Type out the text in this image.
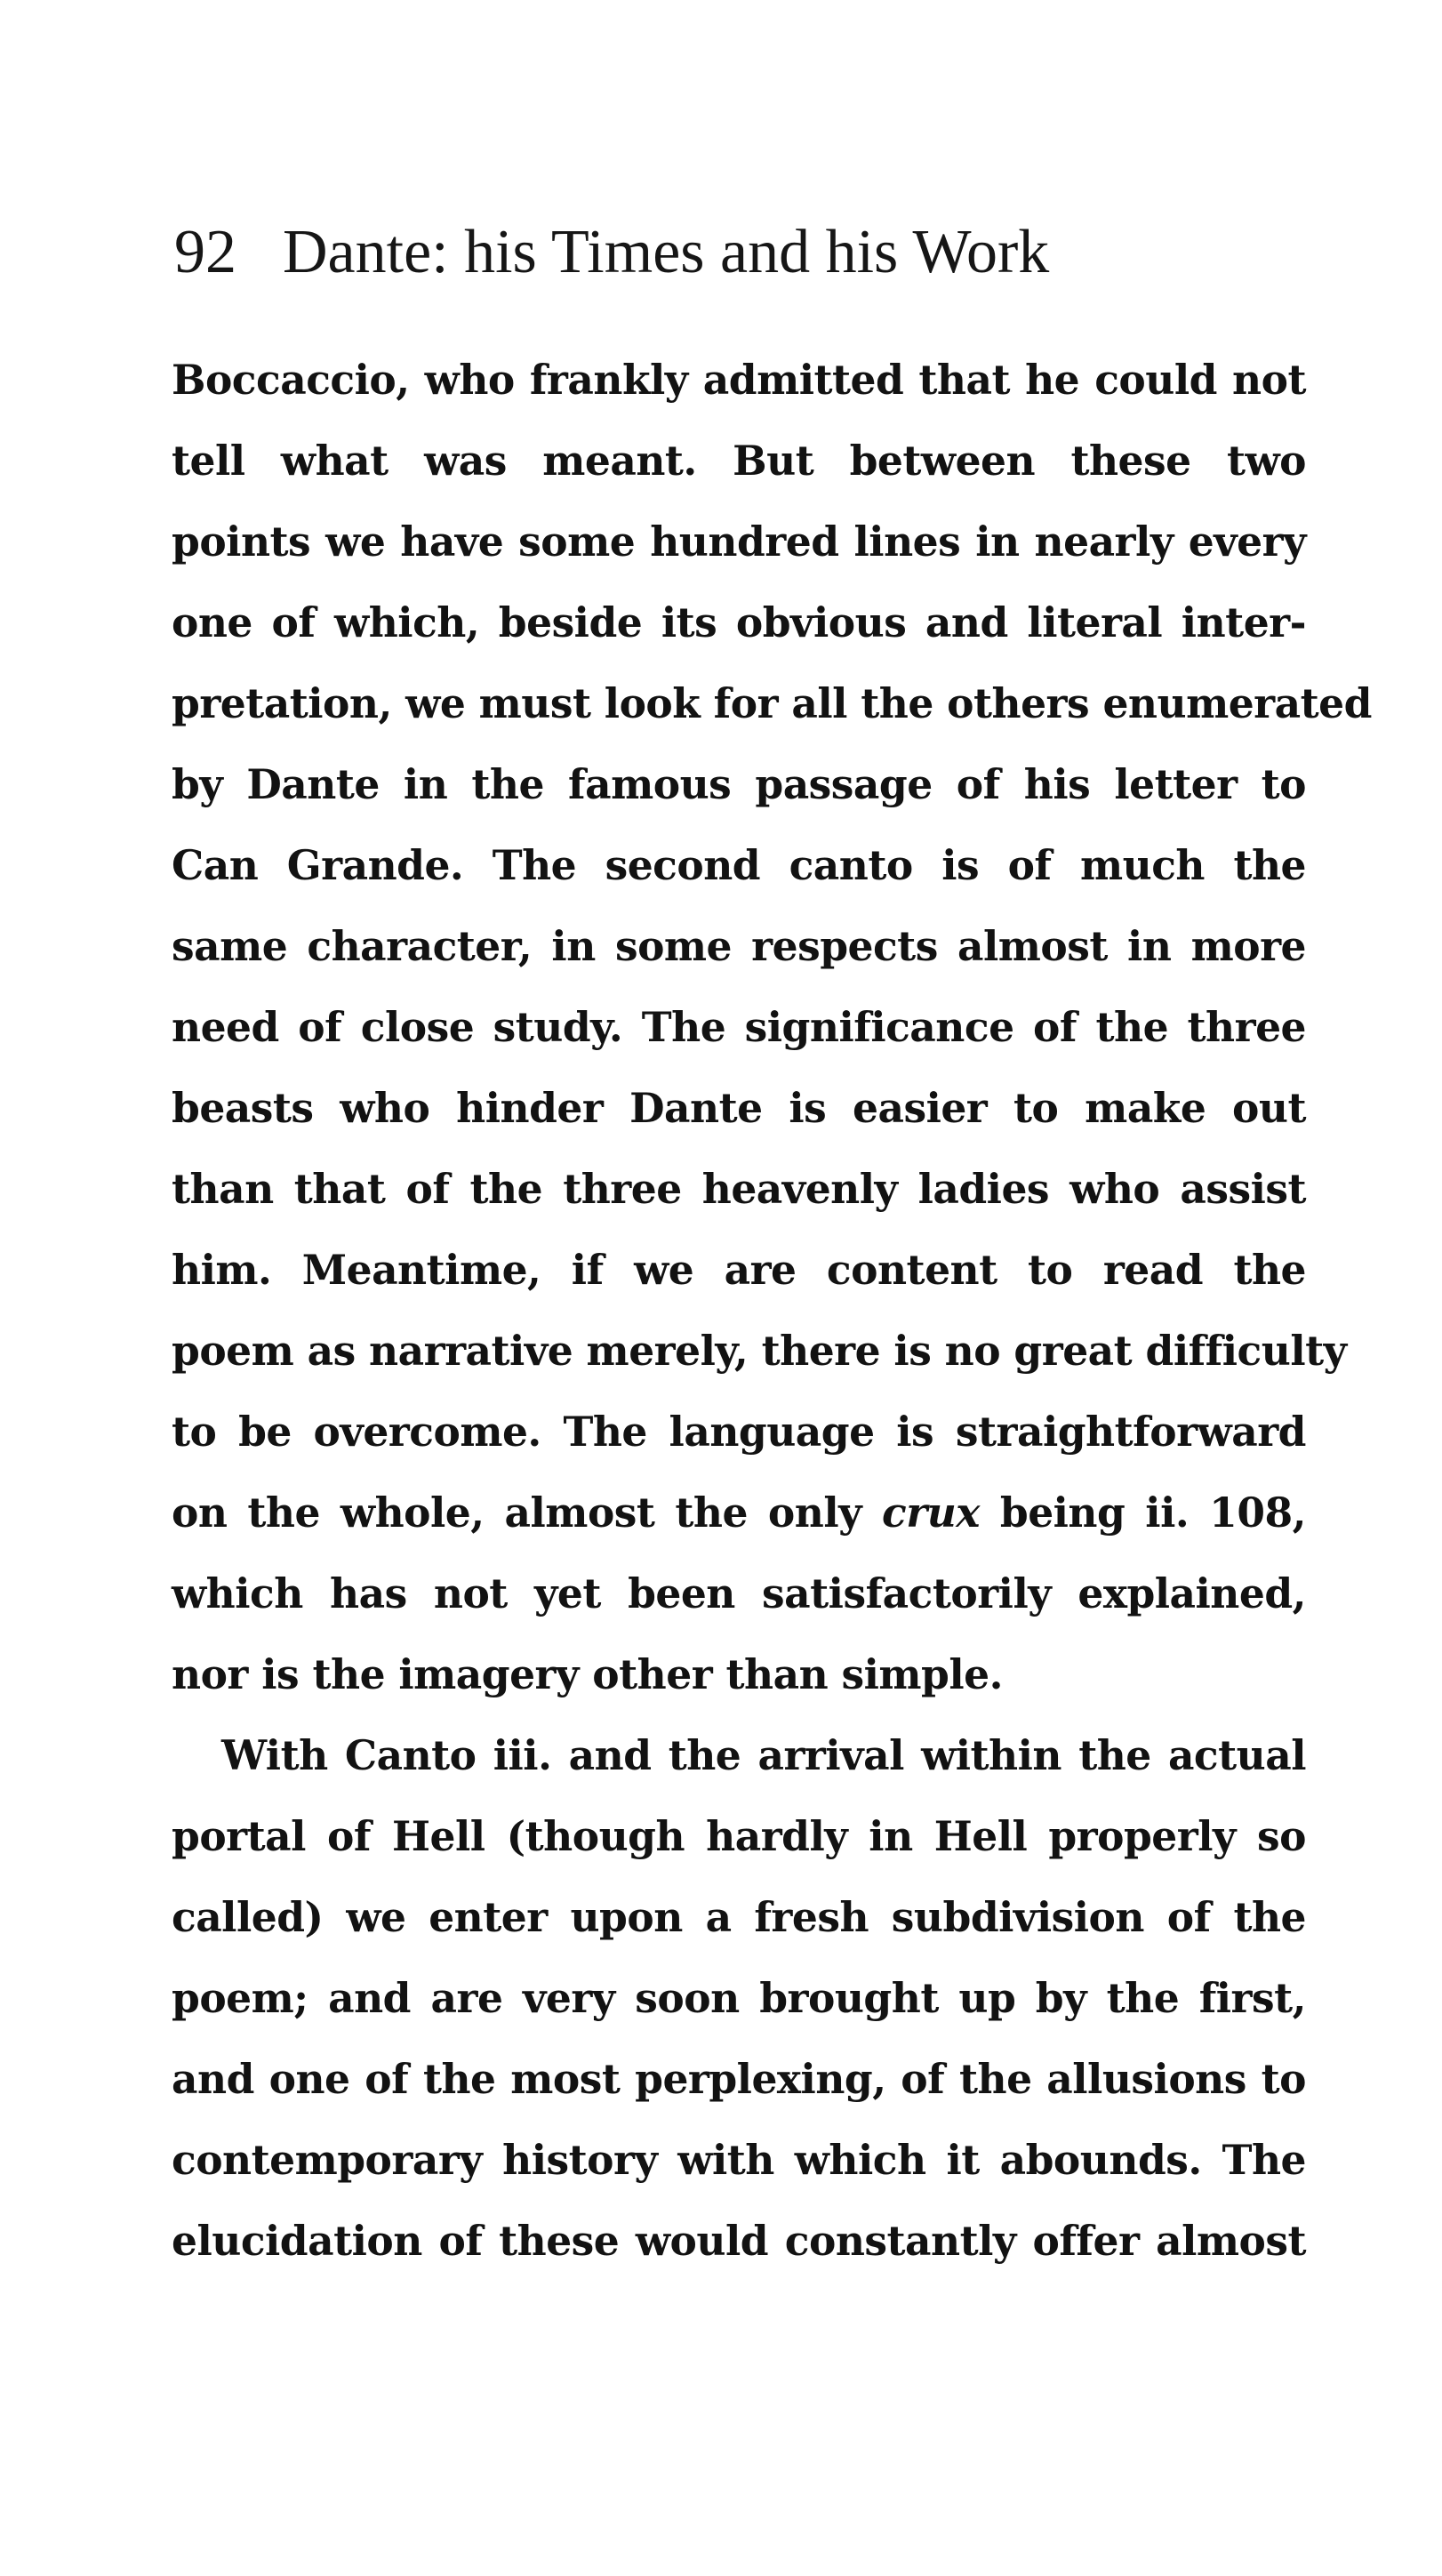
92 Dante: his Times and his Work
Boccaccio, who frankly admitted that he could not
tell what was meant. But between these two
points we have some hundred lines in nearly every
one of which, beside its obvious and literal inter-
pretation, we must look for all the others enumerated
by Dante in the famous passage of his letter to
Can Grande. The second canto is of much the
same character, in some respects almost in more
need of close study. The significance of the three
beasts who hinder Dante is easier to make out
than that of the three heavenly ladies who assist
him. Meantime, if we are content to read the
poem as narrative merely, there is no great difficulty
to be overcome. The language is straightforward
on the whole, almost the only crux being ii. 108,
which has not yet been satisfactorily explained,
nor is the imagery other than simple.
With Canto iii. and the arrival within the actual
portal of Hell (though hardly in Hell properly so
called) we enter upon a fresh subdivision of the
poem; and are very soon brought up by the first,
and one of the most perplexing, of the allusions to
contemporary history with which it abounds. The
elucidation of these would constantly offer almost
